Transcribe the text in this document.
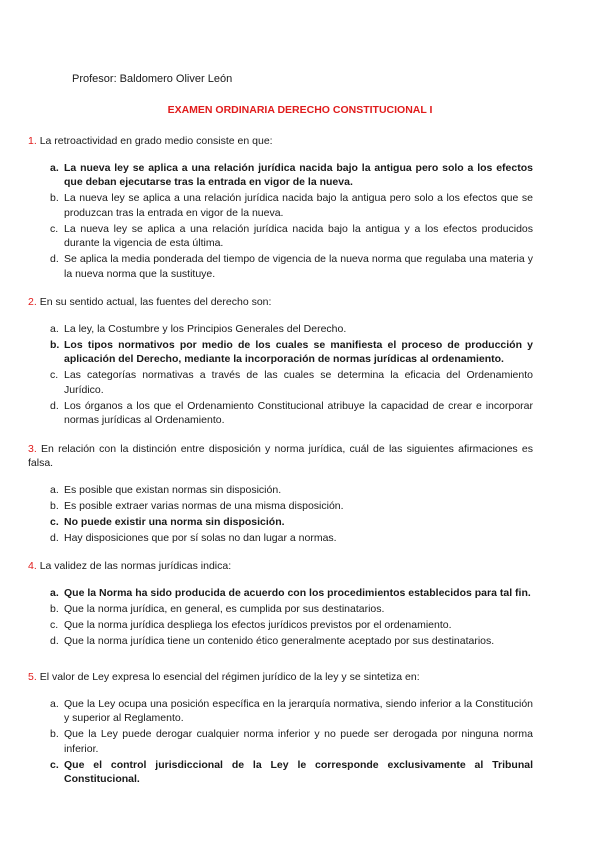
Profesor: Baldomero Oliver León
EXAMEN ORDINARIA DERECHO CONSTITUCIONAL I
1. La retroactividad en grado medio consiste en que:
a. La nueva ley se aplica a una relación jurídica nacida bajo la antigua pero solo a los efectos que deban ejecutarse tras la entrada en vigor de la nueva.
b. La nueva ley se aplica a una relación jurídica nacida bajo la antigua pero solo a los efectos que se produzcan tras la entrada en vigor de la nueva.
c. La nueva ley se aplica a una relación jurídica nacida bajo la antigua y a los efectos producidos durante la vigencia de esta última.
d. Se aplica la media ponderada del tiempo de vigencia de la nueva norma que regulaba una materia y la nueva norma que la sustituye.
2. En su sentido actual, las fuentes del derecho son:
a. La ley, la Costumbre y los Principios Generales del Derecho.
b. Los tipos normativos por medio de los cuales se manifiesta el proceso de producción y aplicación del Derecho, mediante la incorporación de normas jurídicas al ordenamiento.
c. Las categorías normativas a través de las cuales se determina la eficacia del Ordenamiento Jurídico.
d. Los órganos a los que el Ordenamiento Constitucional atribuye la capacidad de crear e incorporar normas jurídicas al Ordenamiento.
3. En relación con la distinción entre disposición y norma jurídica, cuál de las siguientes afirmaciones es falsa.
a. Es posible que existan normas sin disposición.
b. Es posible extraer varias normas de una misma disposición.
c. No puede existir una norma sin disposición.
d. Hay disposiciones que por sí solas no dan lugar a normas.
4. La validez de las normas jurídicas indica:
a. Que la Norma ha sido producida de acuerdo con los procedimientos establecidos para tal fin.
b. Que la norma jurídica, en general, es cumplida por sus destinatarios.
c. Que la norma jurídica despliega los efectos jurídicos previstos por el ordenamiento.
d. Que la norma jurídica tiene un contenido ético generalmente aceptado por sus destinatarios.
5. El valor de Ley expresa lo esencial del régimen jurídico de la ley y se sintetiza en:
a. Que la Ley ocupa una posición específica en la jerarquía normativa, siendo inferior a la Constitución y superior al Reglamento.
b. Que la Ley puede derogar cualquier norma inferior y no puede ser derogada por ninguna norma inferior.
c. Que el control jurisdiccional de la Ley le corresponde exclusivamente al Tribunal Constitucional.
